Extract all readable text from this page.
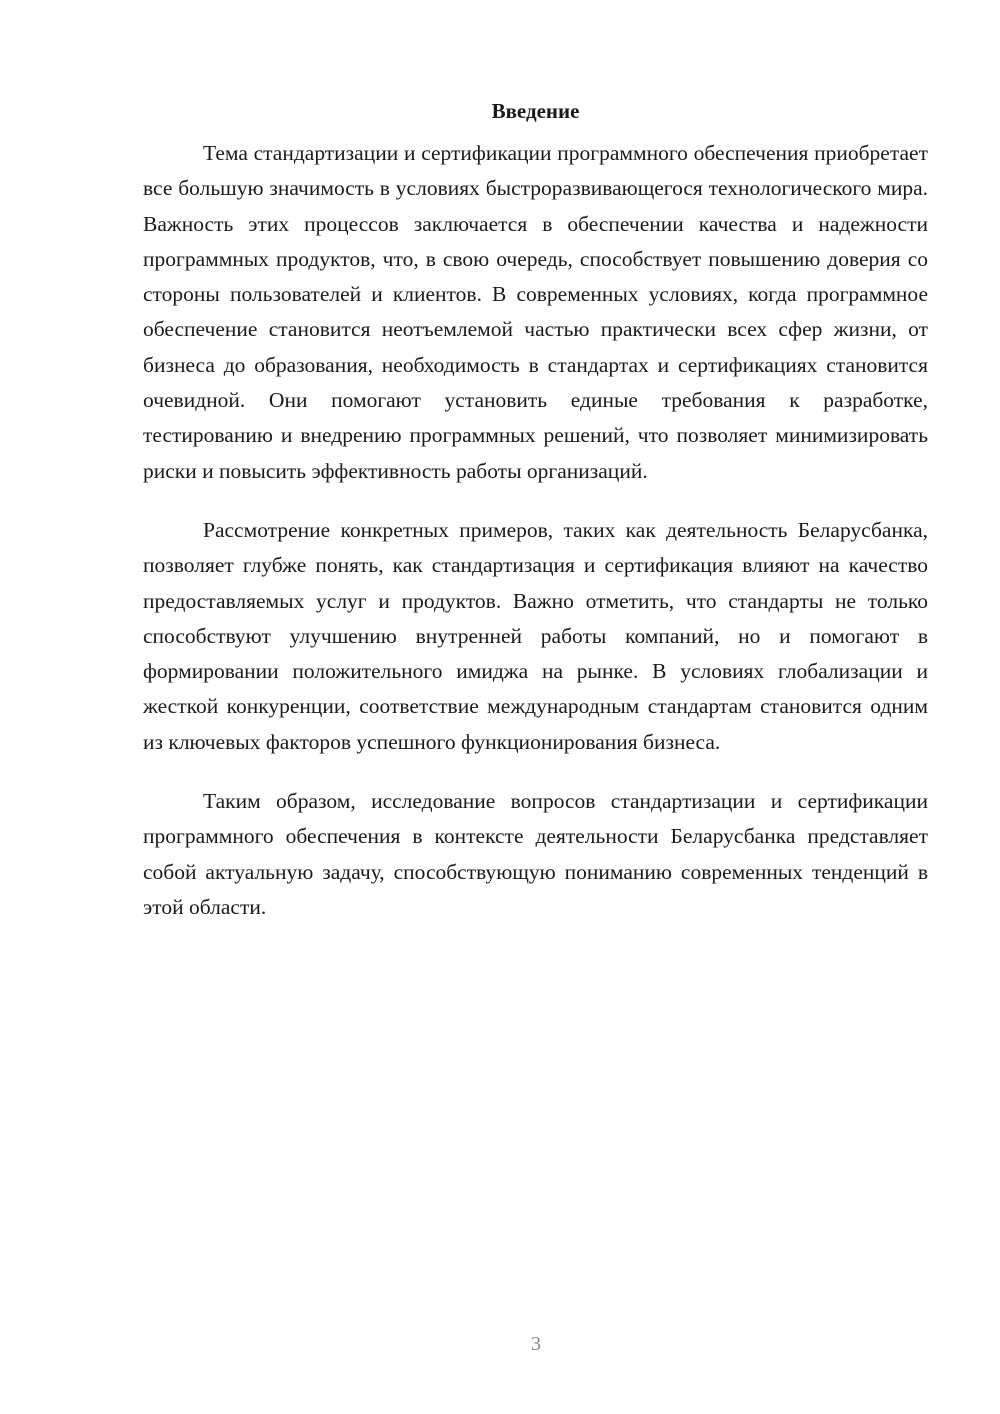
Введение

Тема стандартизации и сертификации программного обеспечения приобретает все большую значимость в условиях быстроразвивающегося технологического мира. Важность этих процессов заключается в обеспечении качества и надежности программных продуктов, что, в свою очередь, способствует повышению доверия со стороны пользователей и клиентов. В современных условиях, когда программное обеспечение становится неотъемлемой частью практически всех сфер жизни, от бизнеса до образования, необходимость в стандартах и сертификациях становится очевидной. Они помогают установить единые требования к разработке, тестированию и внедрению программных решений, что позволяет минимизировать риски и повысить эффективность работы организаций.

Рассмотрение конкретных примеров, таких как деятельность Беларусбанка, позволяет глубже понять, как стандартизация и сертификация влияют на качество предоставляемых услуг и продуктов. Важно отметить, что стандарты не только способствуют улучшению внутренней работы компаний, но и помогают в формировании положительного имиджа на рынке. В условиях глобализации и жесткой конкуренции, соответствие международным стандартам становится одним из ключевых факторов успешного функционирования бизнеса.

Таким образом, исследование вопросов стандартизации и сертификации программного обеспечения в контексте деятельности Беларусбанка представляет собой актуальную задачу, способствующую пониманию современных тенденций в этой области.

3
